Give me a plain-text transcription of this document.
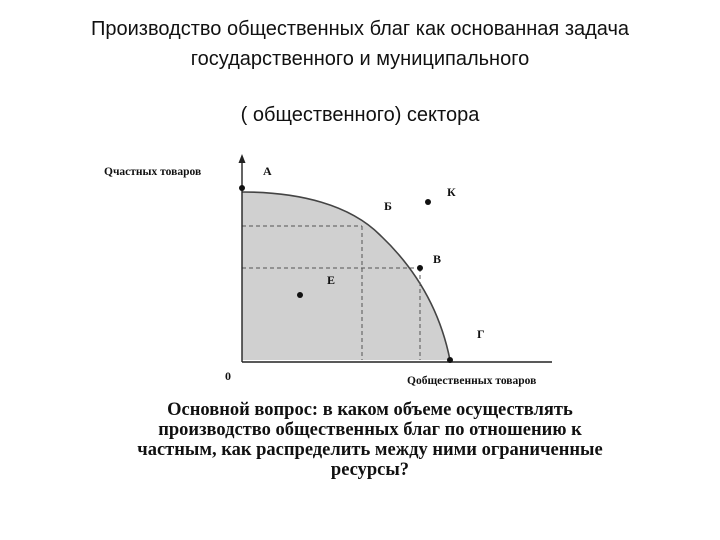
Производство общественных благ как основанная задача
государственного и муниципального
( общественного) сектора
Qчастных товаров
Qобщественных товаров
0
А
Б
К
В
Е
Г
Основной вопрос: в каком объеме осуществлять
производство общественных благ по отношению к
частным, как распределить между ними ограниченные
ресурсы?
